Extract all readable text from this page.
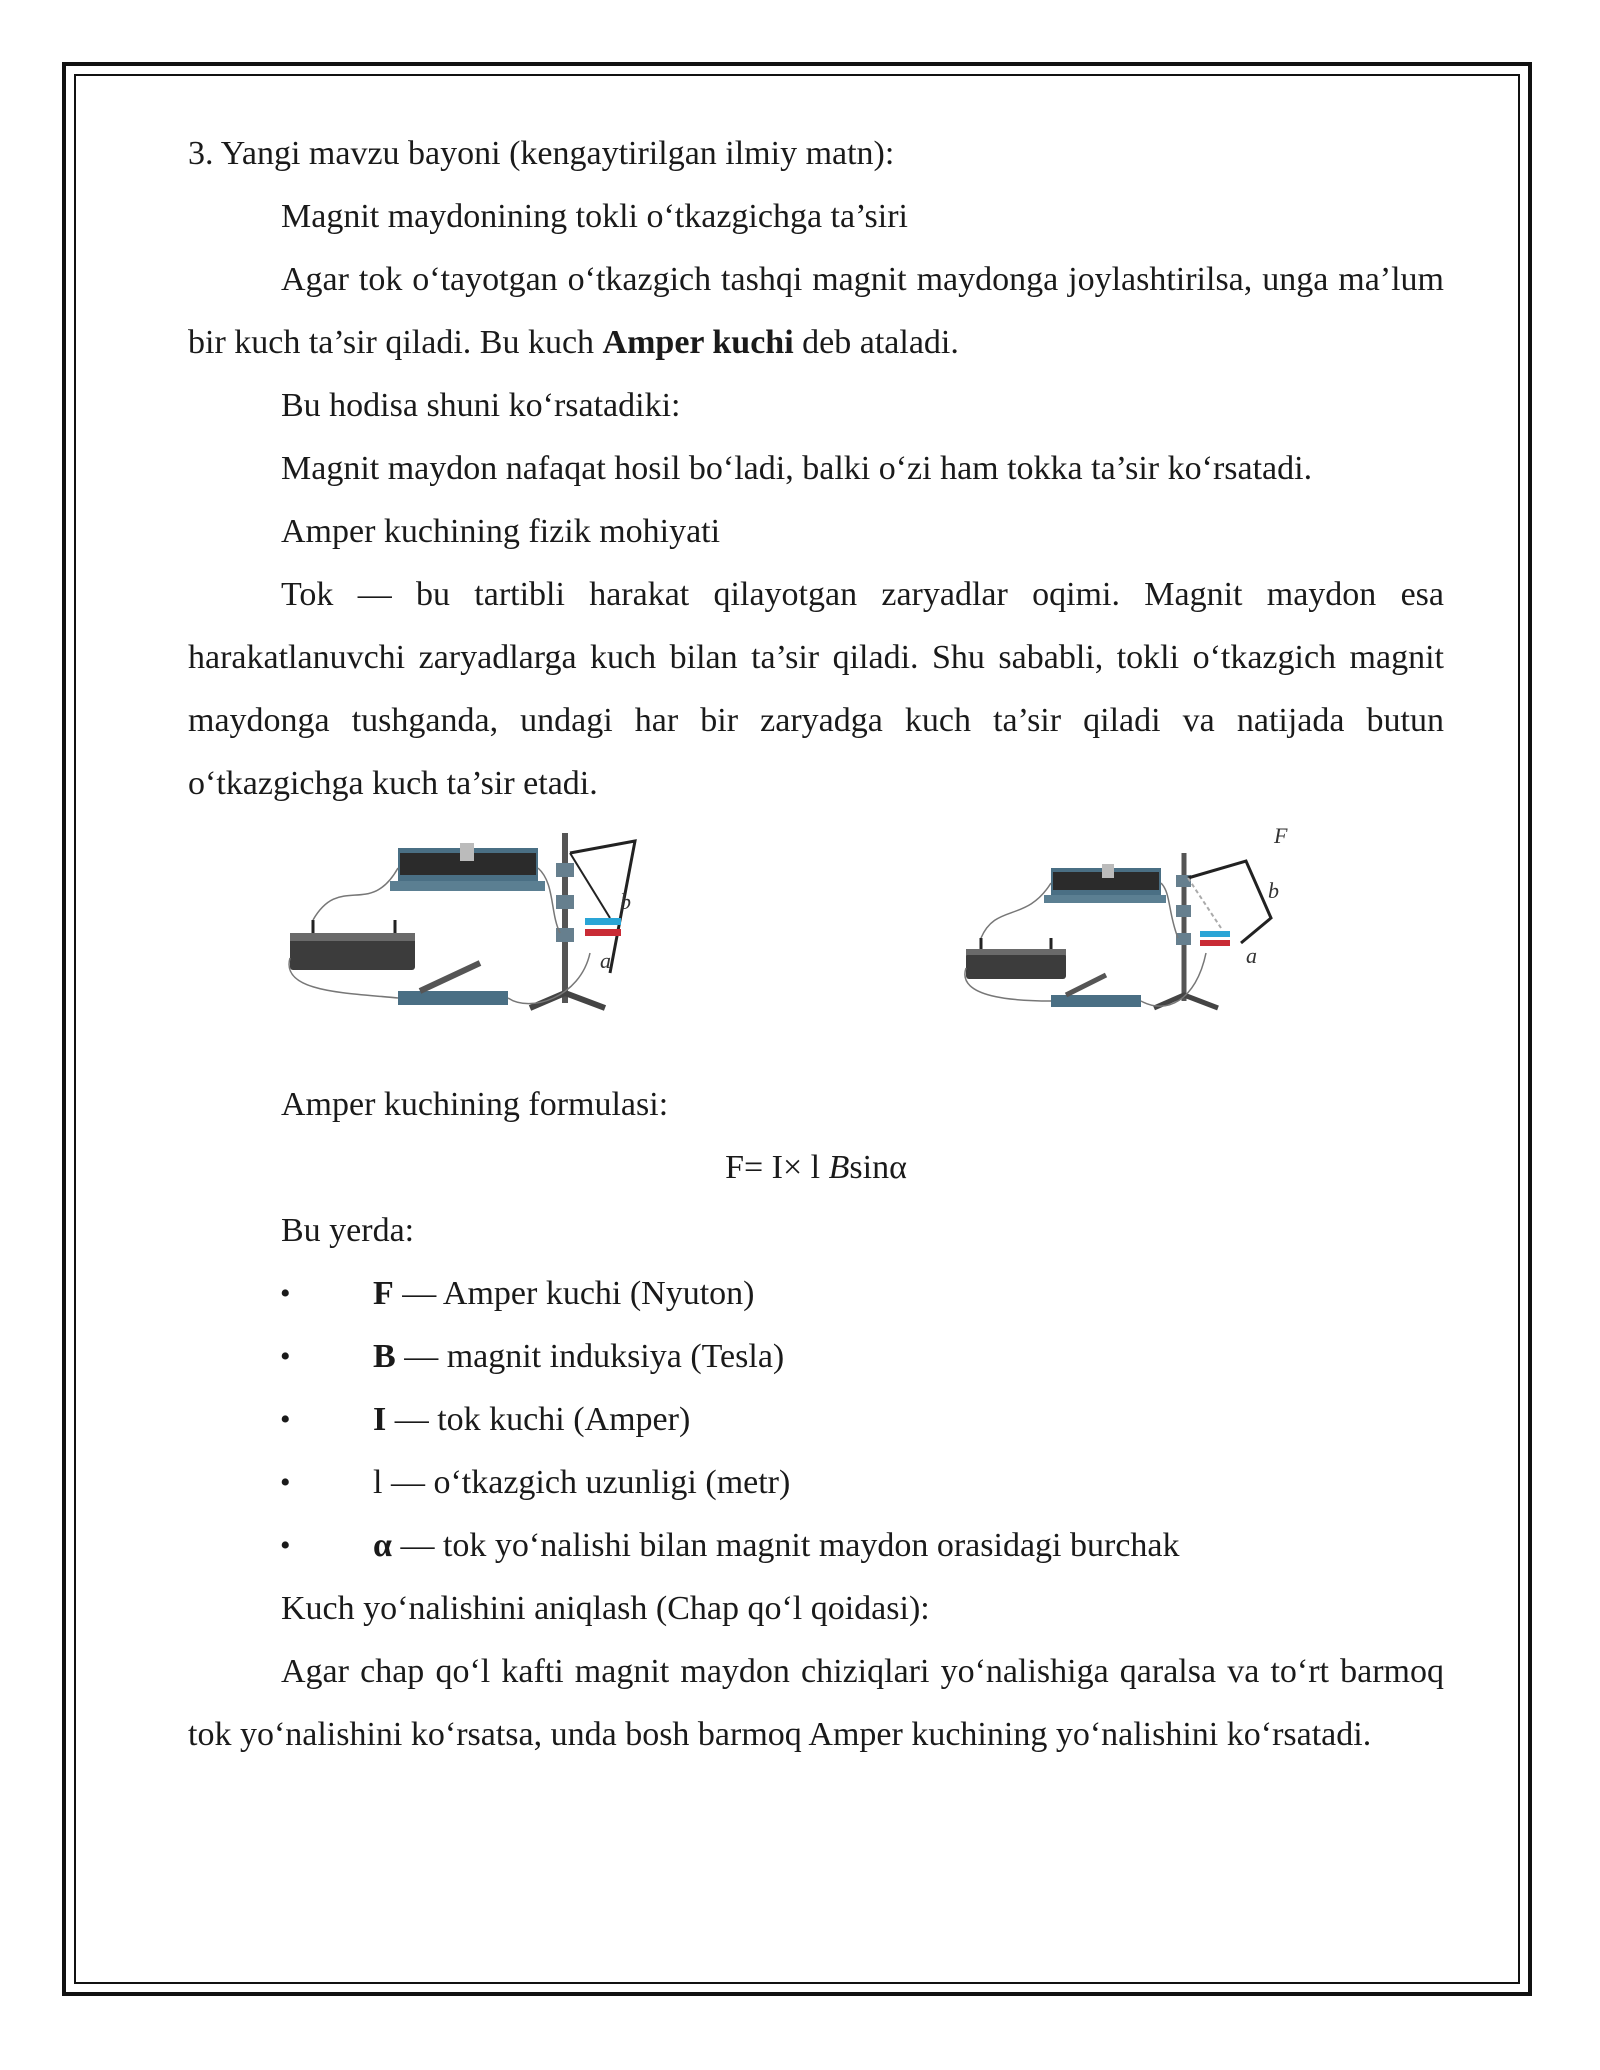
3. Yangi mavzu bayoni (kengaytirilgan ilmiy matn):

Magnit maydonining tokli o‘tkazgichga ta’siri

Agar tok o‘tayotgan o‘tkazgich tashqi magnit maydonga joylashtirilsa, unga ma’lum bir kuch ta’sir qiladi. Bu kuch Amper kuchi deb ataladi.

Bu hodisa shuni ko‘rsatadiki:

Magnit maydon nafaqat hosil bo‘ladi, balki o‘zi ham tokka ta’sir ko‘rsatadi.

Amper kuchining fizik mohiyati

Tok — bu tartibli harakat qilayotgan zaryadlar oqimi. Magnit maydon esa harakatlanuvchi zaryadlarga kuch bilan ta’sir qiladi. Shu sababli, tokli o‘tkazgich magnit maydonga tushganda, undagi har bir zaryadga kuch ta’sir qiladi va natijada butun o‘tkazgichga kuch ta’sir etadi.

b
a
F
b
a

Amper kuchining formulasi:

F= I× l Bsinα

Bu yerda:

• F — Amper kuchi (Nyuton)
• B — magnit induksiya (Tesla)
• I — tok kuchi (Amper)
• l — o‘tkazgich uzunligi (metr)
• α — tok yo‘nalishi bilan magnit maydon orasidagi burchak

Kuch yo‘nalishini aniqlash (Chap qo‘l qoidasi):

Agar chap qo‘l kafti magnit maydon chiziqlari yo‘nalishiga qaralsa va to‘rt barmoq tok yo‘nalishini ko‘rsatsa, unda bosh barmoq Amper kuchining yo‘nalishini ko‘rsatadi.
